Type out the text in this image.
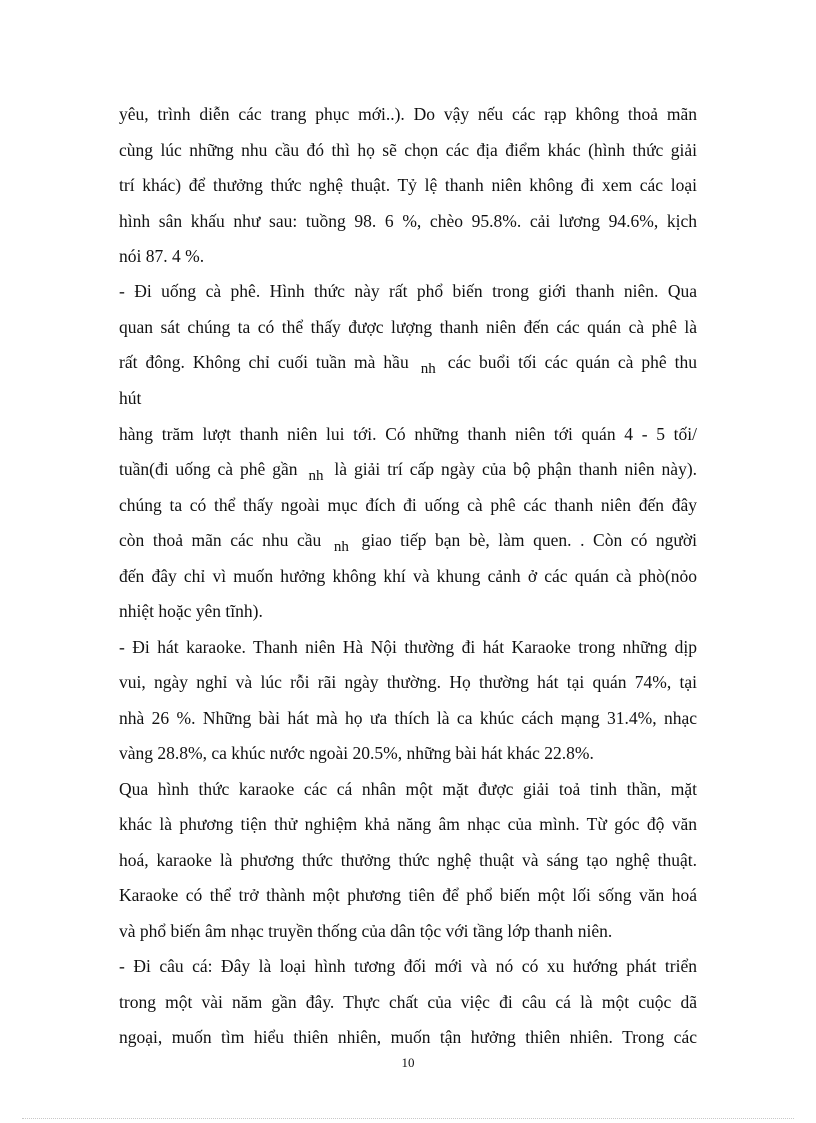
yêu, trình diễn các trang phục mới..). Do vậy nếu các rạp không thoả mãn
cùng lúc những nhu cầu đó thì họ sẽ chọn các địa điểm khác (hình thức giải
trí khác) để thưởng thức nghệ thuật. Tỷ lệ thanh niên không đi xem các loại
hình sân khấu như sau: tuồng 98. 6 %, chèo 95.8%. cải lương 94.6%, kịch
nói 87. 4 %.
- Đi uống cà phê. Hình thức này rất phổ biến trong giới thanh niên. Qua
quan sát chúng ta có thể thấy được lượng thanh niên đến các quán cà phê là
rất đông. Không chỉ cuối tuần mà hầu nh các buổi tối các quán cà phê thu
hút
hàng trăm lượt thanh niên lui tới. Có những thanh niên tới quán 4 - 5 tối/
tuần(đi uống cà phê gần nh là giải trí cấp ngày của bộ phận thanh niên này).
chúng ta có thể thấy ngoài mục đích đi uống cà phê các thanh niên đến đây
còn thoả mãn các nhu cầu nh giao tiếp bạn bè, làm quen. . Còn có người
đến đây chỉ vì muốn hưởng không khí và khung cảnh ở các quán cà phò(nỏo
nhiệt hoặc yên tĩnh).
- Đi hát karaoke. Thanh niên Hà Nội thường đi hát Karaoke trong những dịp
vui, ngày nghỉ và lúc rỗi rãi ngày thường. Họ thường hát tại quán 74%, tại
nhà 26 %. Những bài hát mà họ ưa thích là ca khúc cách mạng 31.4%, nhạc
vàng 28.8%, ca khúc nước ngoài 20.5%, những bài hát khác 22.8%.
Qua hình thức karaoke các cá nhân một mặt được giải toả tinh thần, mặt
khác là phương tiện thử nghiệm khả năng âm nhạc của mình. Từ góc độ văn
hoá, karaoke là phương thức thưởng thức nghệ thuật và sáng tạo nghệ thuật.
Karaoke có thể trở thành một phương tiên để phổ biến một lối sống văn hoá
và phổ biến âm nhạc truyền thống của dân tộc với tầng lớp thanh niên.
- Đi câu cá: Đây là loại hình tương đối mới và nó có xu hướng phát triển
trong một vài năm gần đây. Thực chất của việc đi câu cá là một cuộc dã
ngoại, muốn tìm hiểu thiên nhiên, muốn tận hưởng thiên nhiên. Trong các
10
